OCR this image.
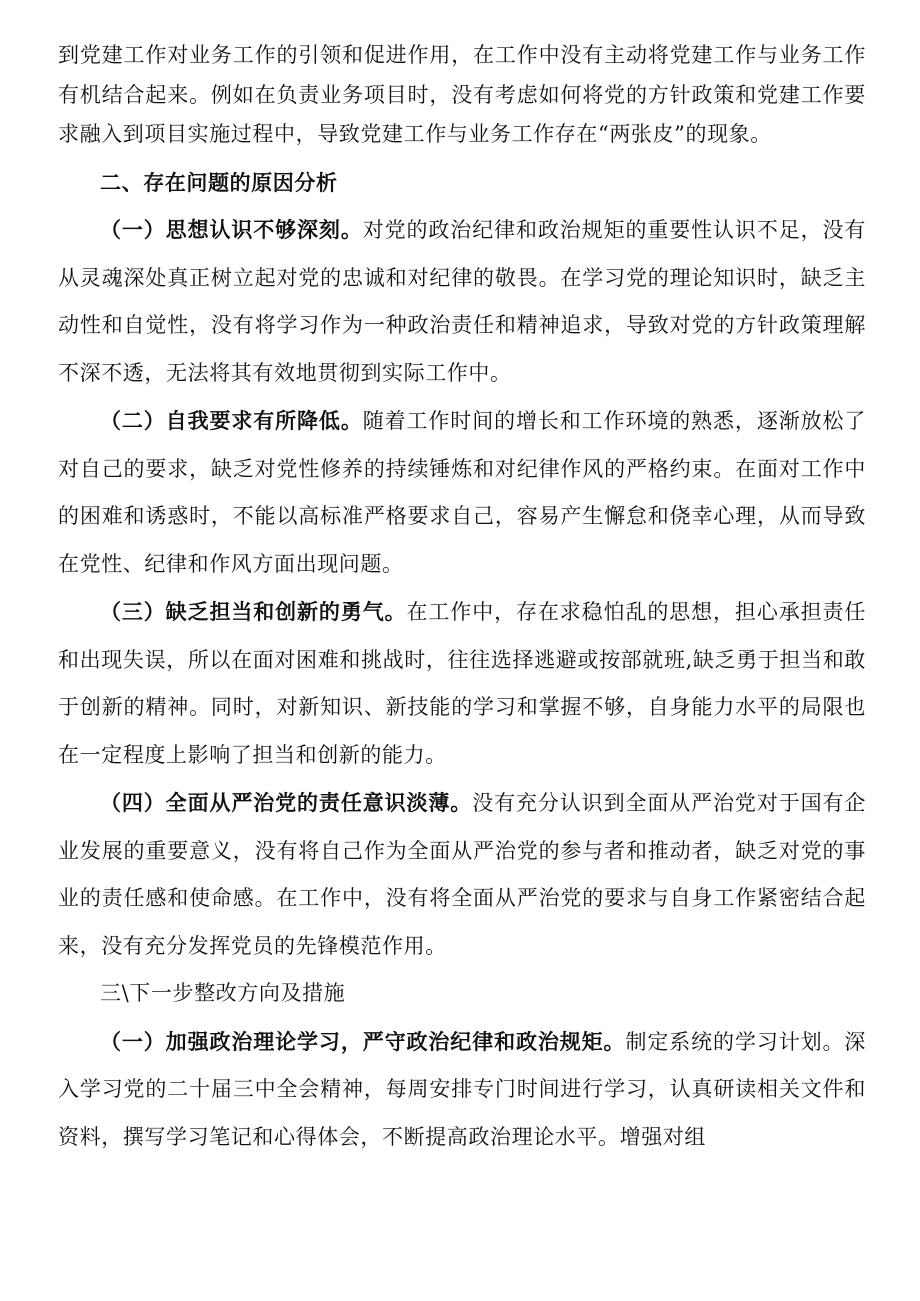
到党建工作对业务工作的引领和促进作用，在工作中没有主动将党建工作与业务工作有机结合起来。例如在负责业务项目时，没有考虑如何将党的方针政策和党建工作要求融入到项目实施过程中，导致党建工作与业务工作存在“两张皮”的现象。

二、存在问题的原因分析

（一）思想认识不够深刻。对党的政治纪律和政治规矩的重要性认识不足，没有从灵魂深处真正树立起对党的忠诚和对纪律的敬畏。在学习党的理论知识时，缺乏主动性和自觉性，没有将学习作为一种政治责任和精神追求，导致对党的方针政策理解不深不透，无法将其有效地贯彻到实际工作中。

（二）自我要求有所降低。随着工作时间的增长和工作环境的熟悉，逐渐放松了对自己的要求，缺乏对党性修养的持续锤炼和对纪律作风的严格约束。在面对工作中的困难和诱惑时，不能以高标准严格要求自己，容易产生懈怠和侥幸心理，从而导致在党性、纪律和作风方面出现问题。

（三）缺乏担当和创新的勇气。在工作中，存在求稳怕乱的思想，担心承担责任和出现失误，所以在面对困难和挑战时，往往选择逃避或按部就班,缺乏勇于担当和敢于创新的精神。同时，对新知识、新技能的学习和掌握不够，自身能力水平的局限也在一定程度上影响了担当和创新的能力。

（四）全面从严治党的责任意识淡薄。没有充分认识到全面从严治党对于国有企业发展的重要意义，没有将自己作为全面从严治党的参与者和推动者，缺乏对党的事业的责任感和使命感。在工作中，没有将全面从严治党的要求与自身工作紧密结合起来，没有充分发挥党员的先锋模范作用。

三\下一步整改方向及措施

（一）加强政治理论学习，严守政治纪律和政治规矩。制定系统的学习计划。深入学习党的二十届三中全会精神，每周安排专门时间进行学习，认真研读相关文件和资料，撰写学习笔记和心得体会，不断提高政治理论水平。增强对组
